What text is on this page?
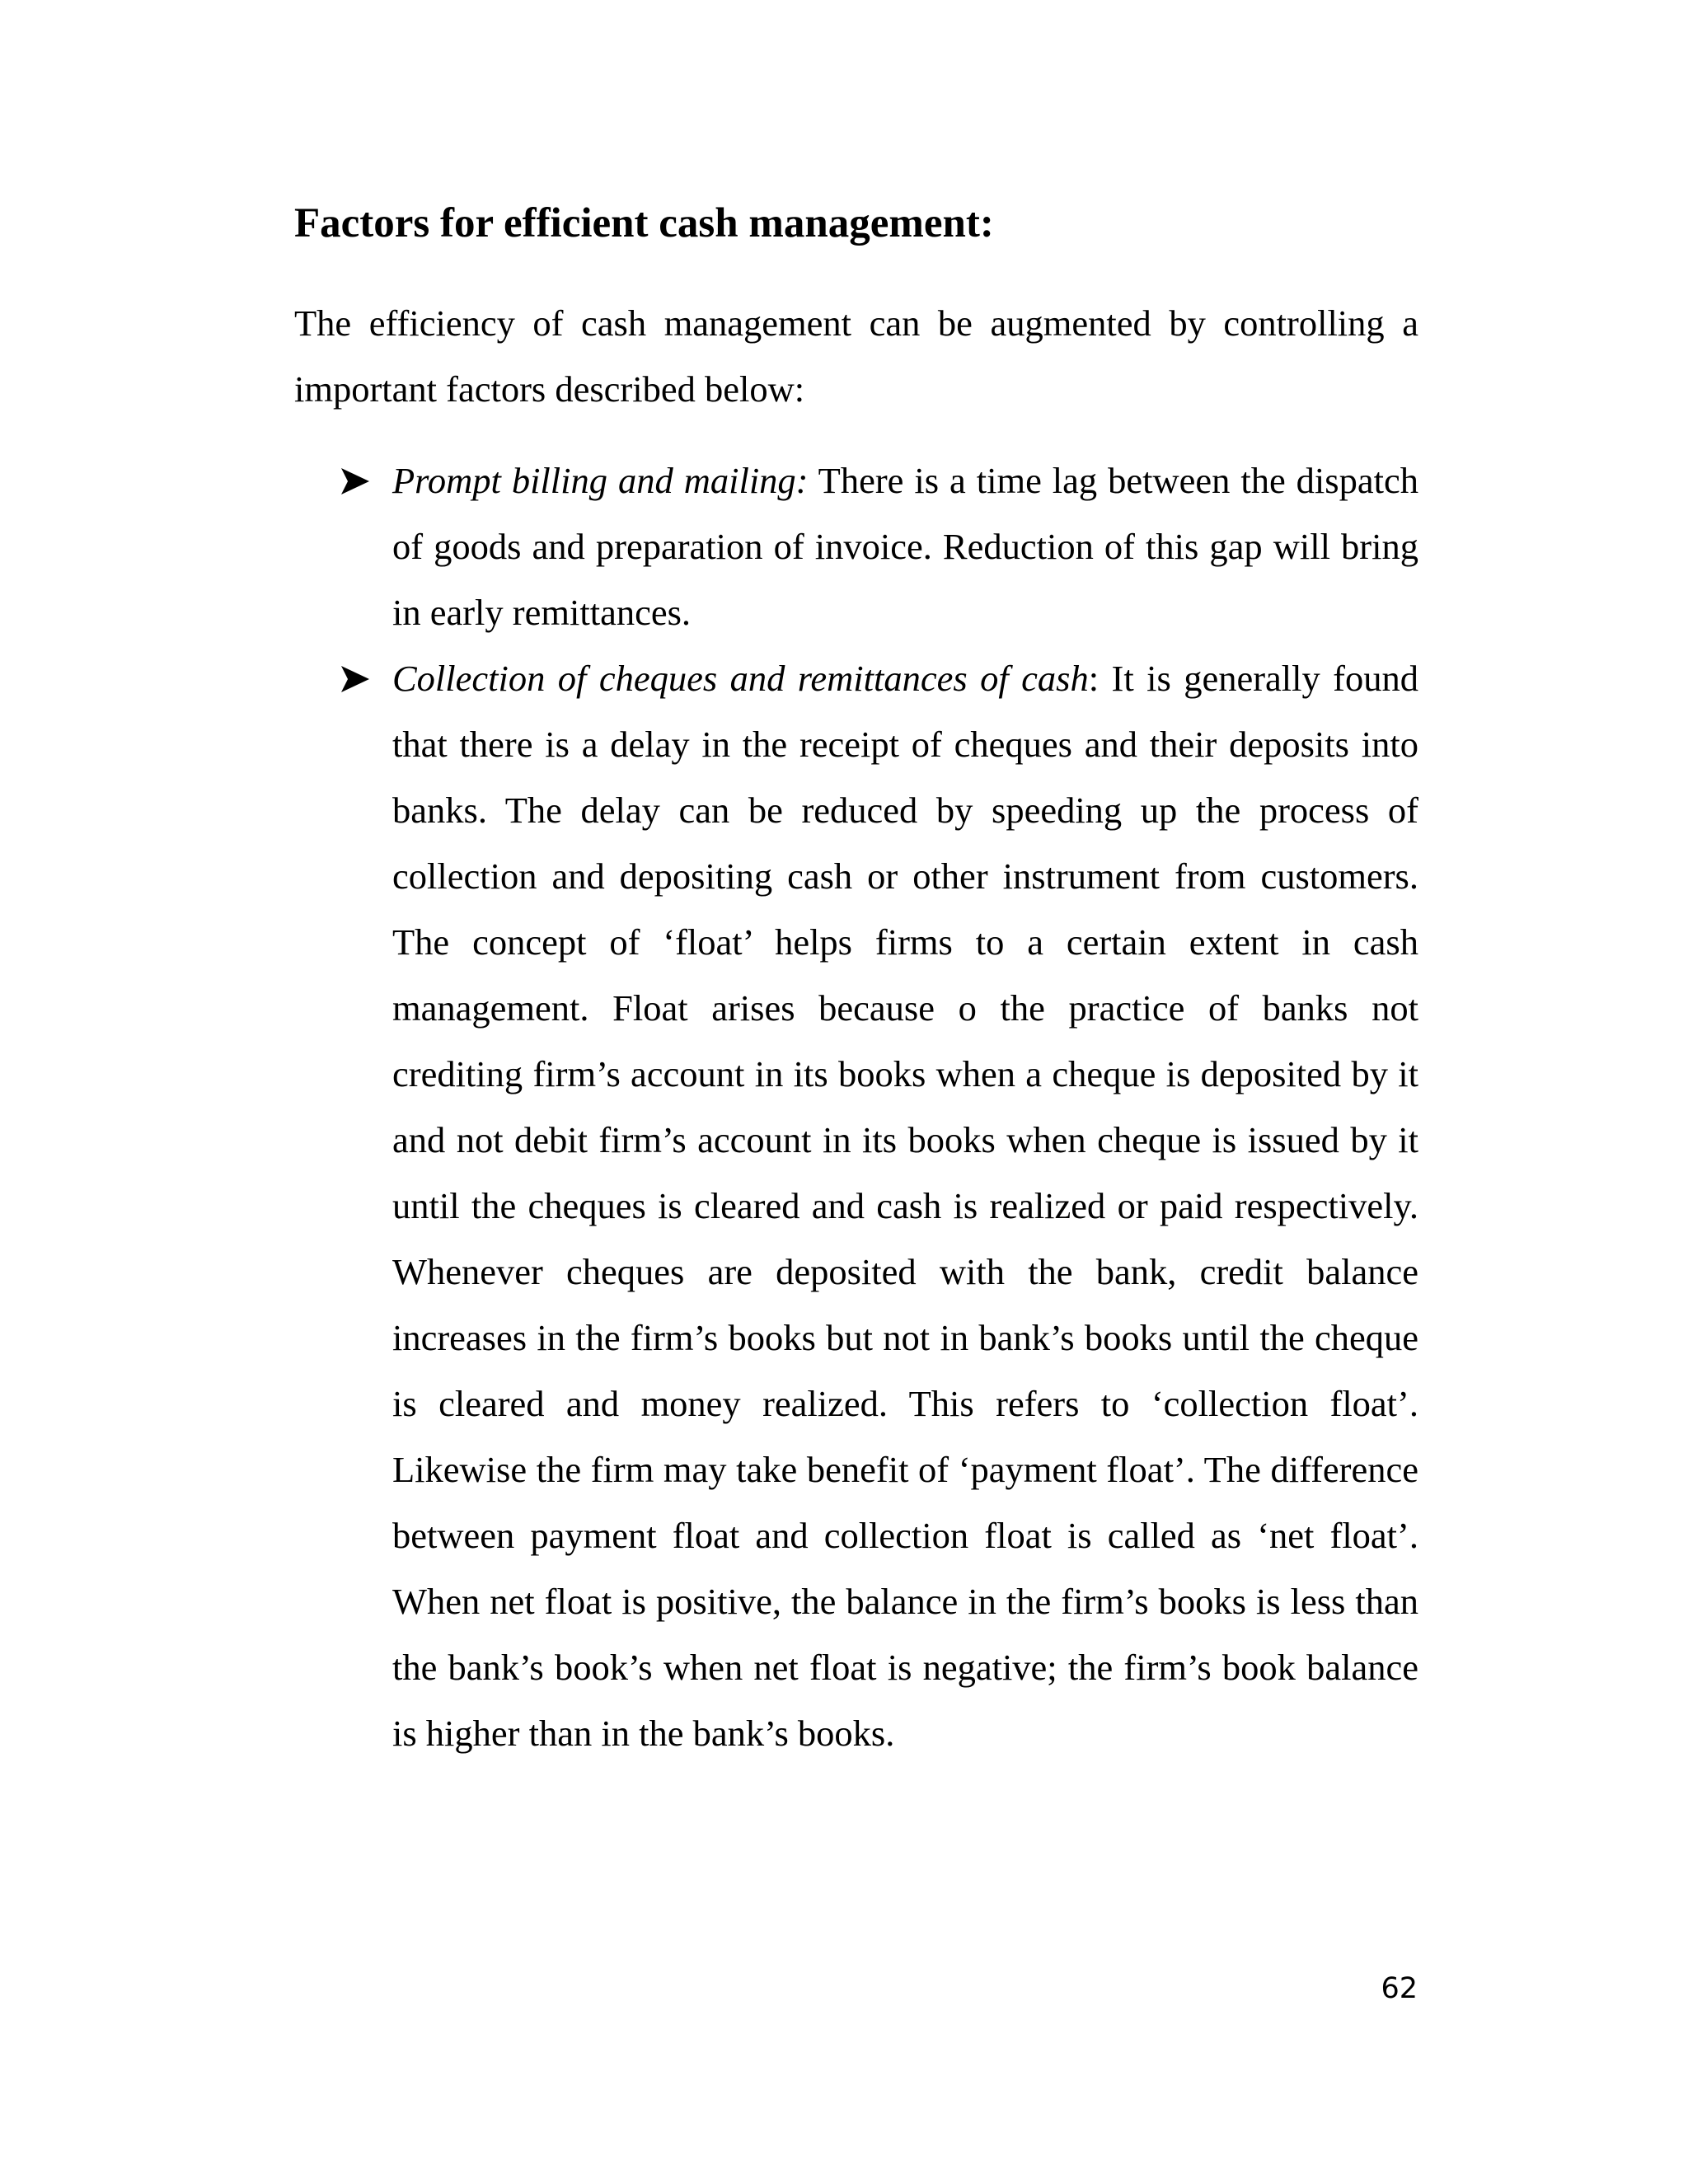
Factors for efficient cash management:

The efficiency of cash management can be augmented by controlling a important factors described below:

Prompt billing and mailing: There is a time lag between the dispatch of goods and preparation of invoice. Reduction of this gap will bring in early remittances.

Collection of cheques and remittances of cash: It is generally found that there is a delay in the receipt of cheques and their deposits into banks. The delay can be reduced by speeding up the process of collection and depositing cash or other instrument from customers. The concept of ‘float’ helps firms to a certain extent in cash management. Float arises because o the practice of banks not crediting firm’s account in its books when a cheque is deposited by it and not debit firm’s account in its books when cheque is issued by it until the cheques is cleared and cash is realized or paid respectively. Whenever cheques are deposited with the bank, credit balance increases in the firm’s books but not in bank’s books until the cheque is cleared and money realized. This refers to ‘collection float’. Likewise the firm may take benefit of ‘payment float’. The difference between payment float and collection float is called as ‘net float’. When net float is positive, the balance in the firm’s books is less than the bank’s book’s when net float is negative; the firm’s book balance is higher than in the bank’s books.

62
